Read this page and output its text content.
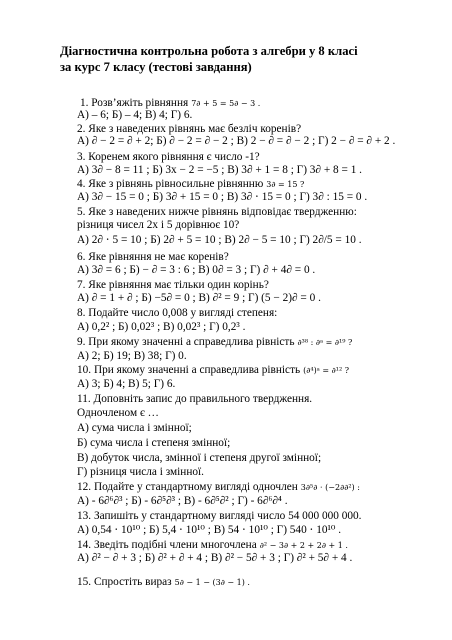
Діагностична контрольна робота з алгебри у 8 класі
за курс 7 класу (тестові завдання)
1. Розв’яжіть рівняння 7∂ + 5 = 5∂ − 3 .
А) – 6; Б) – 4; В) 4; Г) 6.
2. Яке з наведених рівнянь має безліч коренів?
А) ∂ − 2 = ∂ + 2; Б) ∂ − 2 = ∂ − 2 ; В) 2 − ∂ = ∂ − 2 ; Г) 2 − ∂ = ∂ + 2 .
3. Коренем якого рівняння є число -1?
А) 3∂ − 8 = 11 ; Б) 3x − 2 = −5 ; В) 3∂ + 1 = 8 ; Г) 3∂ + 8 = 1 .
4. Яке з рівнянь рівносильне рівнянню 3∂ = 15 ?
А) 3∂ − 15 = 0 ; Б) 3∂ + 15 = 0 ; В) 3∂ ⋅ 15 = 0 ; Г) 3∂ : 15 = 0 .
5. Яке з наведених нижче рівнянь відповідає твердженню:
різниця чисел 2х і 5 дорівнює 10?
А) 2∂ ⋅ 5 = 10 ; Б) 2∂ + 5 = 10 ; В) 2∂ − 5 = 10 ; Г) 2∂/5 = 10 .
6. Яке рівняння не має коренів?
А) 3∂ = 6 ; Б) − ∂ = 3 : 6 ; В) 0∂ = 3 ; Г) ∂ + 4∂ = 0 .
7. Яке рівняння має тільки один корінь?
А) ∂ = 1 + ∂ ; Б) −5∂ = 0 ; В) ∂² = 9 ; Г) (5 − 2)∂ = 0 .
8. Подайте число 0,008 у вигляді степеня:
А) 0,2² ; Б) 0,02³ ; В) 0,02³ ; Г) 0,2³ .
9. При якому значенні а справедлива рівність ∂³⁸ : ∂ᵃ = ∂¹⁹ ?
А) 2; Б) 19; В) 38; Г) 0.
10. При якому значенні а справедлива рівність (∂⁴)ᵃ = ∂¹² ?
А) 3; Б) 4; В) 5; Г) 6.
11. Доповніть запис до правильного твердження.
Одночленом є …
А) сума числа і змінної;
Б) сума числа і степеня змінної;
В) добуток числа, змінної і степеня другої змінної;
Г) різниця числа і змінної.
12. Подайте у стандартному вигляді одночлен 3∂⁵∂ ⋅ (−2∂∂²) :
А) - 6∂⁶∂³ ; Б) - 6∂⁵∂³ ; В) - 6∂⁵∂² ; Г) - 6∂⁶∂⁴ .
13. Запишіть у стандартному вигляді число 54 000 000 000.
А) 0,54 ⋅ 10¹⁰ ; Б) 5,4 ⋅ 10¹⁰ ; В) 54 ⋅ 10¹⁰ ; Г) 540 ⋅ 10¹⁰ .
14. Зведіть подібні члени многочлена ∂² − 3∂ + 2 + 2∂ + 1 .
А) ∂² − ∂ + 3 ; Б) ∂² + ∂ + 4 ; В) ∂² − 5∂ + 3 ; Г) ∂² + 5∂ + 4 .
15. Спростіть вираз 5∂ − 1 − (3∂ − 1) .
